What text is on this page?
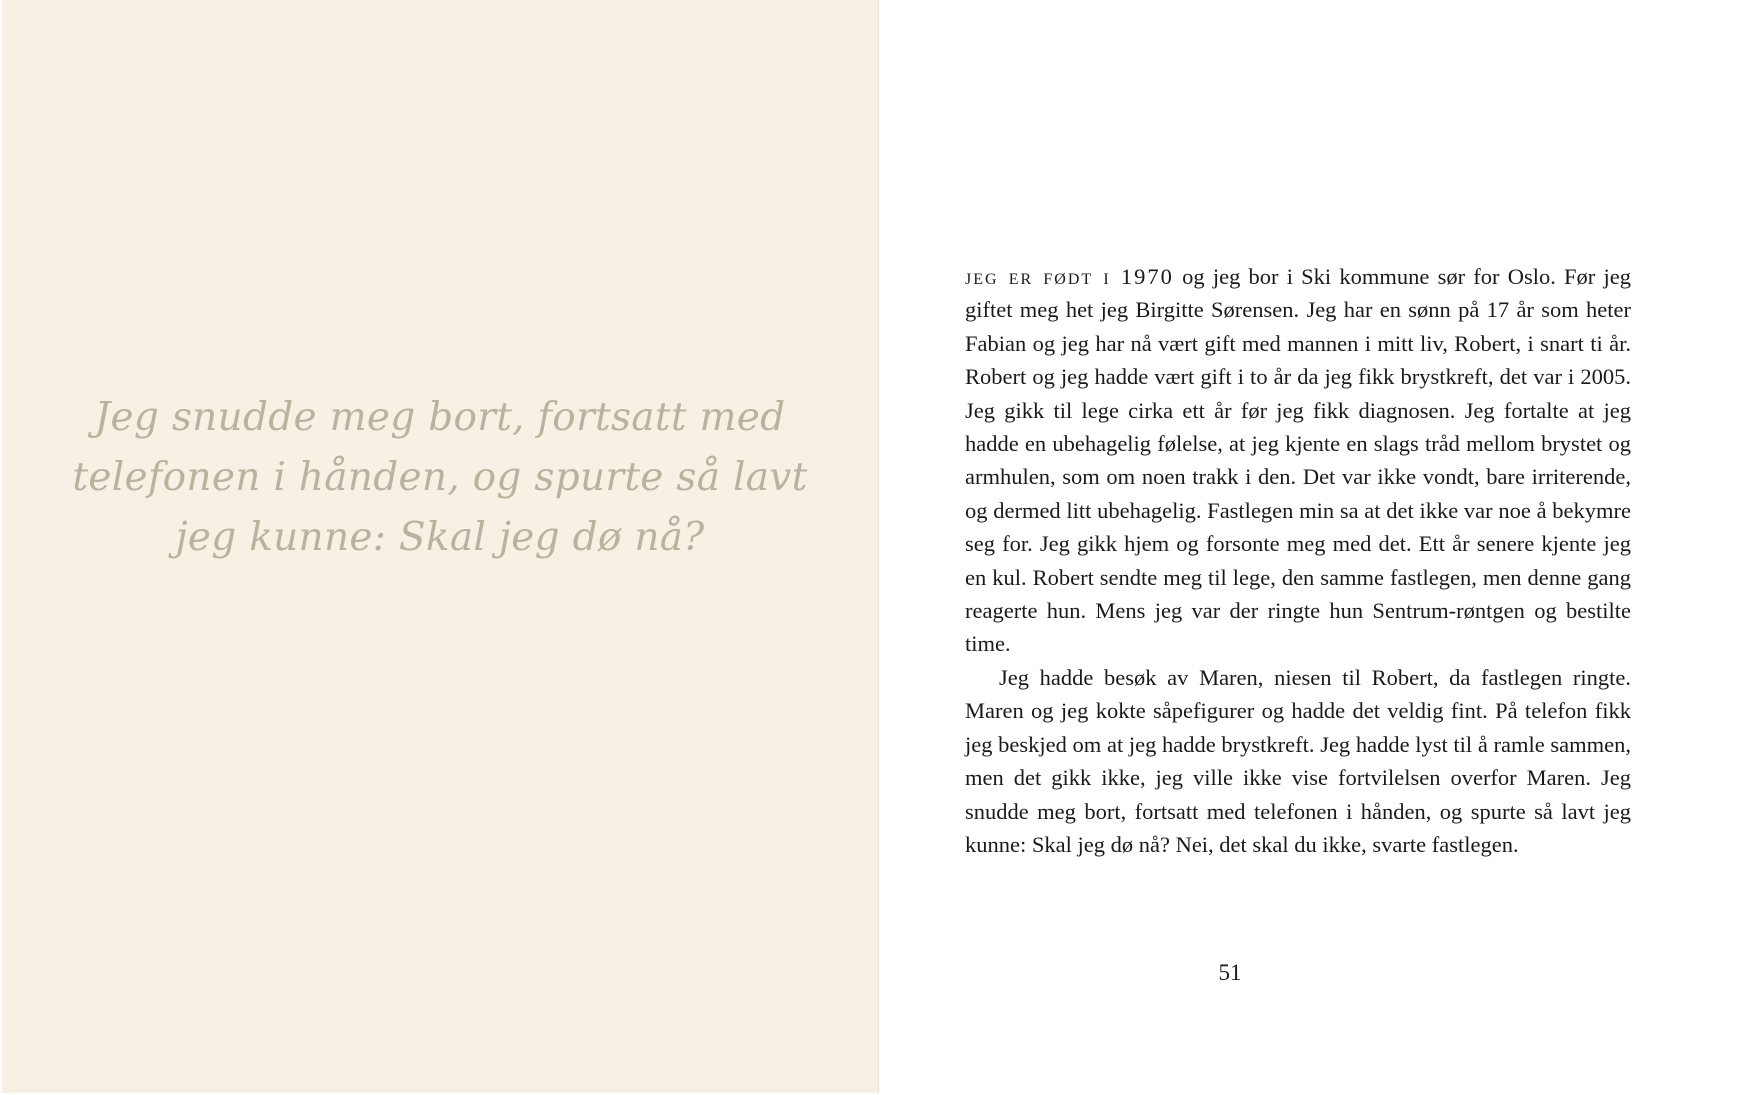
Jeg snudde meg bort, fortsatt med telefonen i hånden, og spurte så lavt jeg kunne: Skal jeg dø nå?

jeg er født i 1970 og jeg bor i Ski kommune sør for Oslo. Før jeg giftet meg het jeg Birgitte Sørensen. Jeg har en sønn på 17 år som heter Fabian og jeg har nå vært gift med mannen i mitt liv, Robert, i snart ti år. Robert og jeg hadde vært gift i to år da jeg fikk brystkreft, det var i 2005. Jeg gikk til lege cirka ett år før jeg fikk diagnosen. Jeg fortalte at jeg hadde en ubehagelig følelse, at jeg kjente en slags tråd mellom brystet og armhulen, som om noen trakk i den. Det var ikke vondt, bare irriterende, og dermed litt ubehagelig. Fastlegen min sa at det ikke var noe å bekymre seg for. Jeg gikk hjem og forsonte meg med det. Ett år senere kjente jeg en kul. Robert sendte meg til lege, den samme fastlegen, men denne gang reagerte hun. Mens jeg var der ringte hun Sentrum-røntgen og bestilte time.

Jeg hadde besøk av Maren, niesen til Robert, da fastlegen ringte. Maren og jeg kokte såpefigurer og hadde det veldig fint. På telefon fikk jeg beskjed om at jeg hadde brystkreft. Jeg hadde lyst til å ramle sammen, men det gikk ikke, jeg ville ikke vise fortvilelsen overfor Maren. Jeg snudde meg bort, fortsatt med telefonen i hånden, og spurte så lavt jeg kunne: Skal jeg dø nå? Nei, det skal du ikke, svarte fastlegen.

51
